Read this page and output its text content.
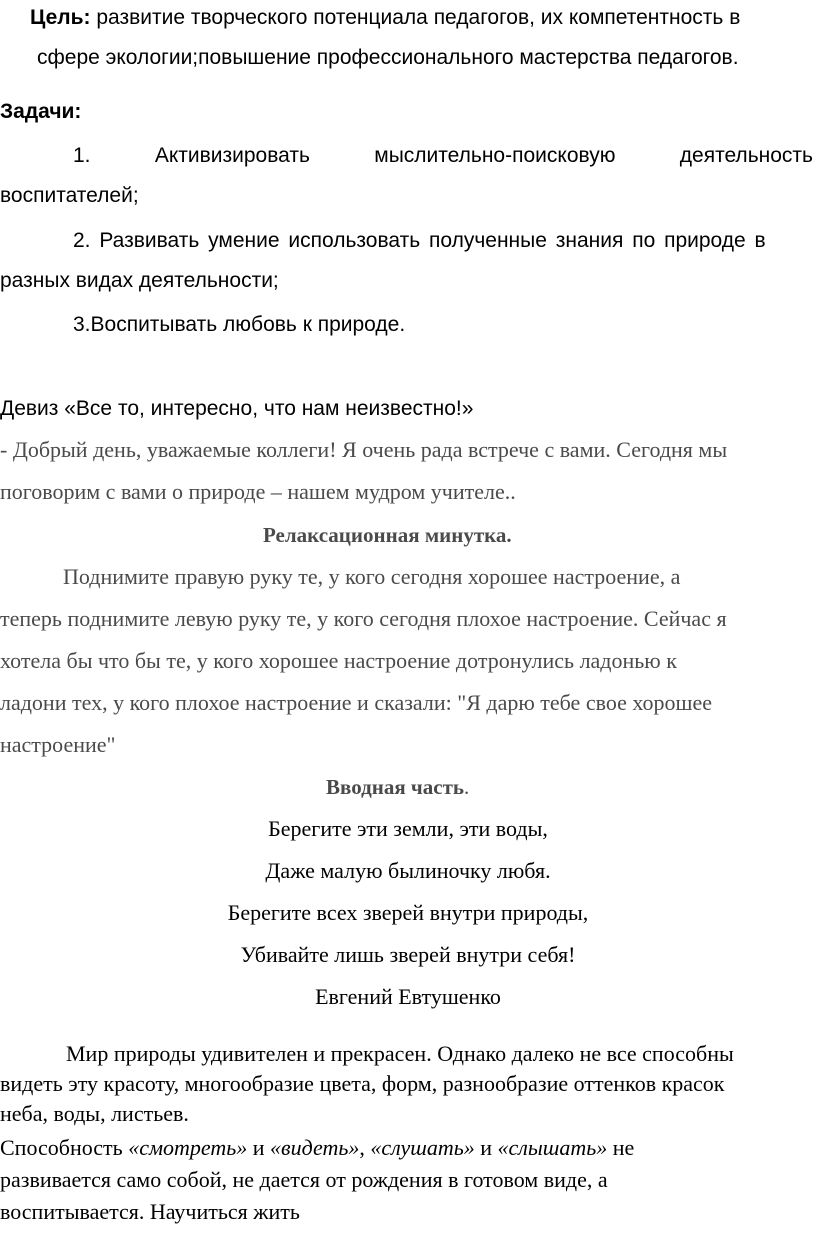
Цель: развитие творческого потенциала педагогов, их компетентность в
сфере экологии;повышение профессионального мастерства педагогов.
Задачи:
1.	Активизировать	мыслительно-поисковую	деятельность
воспитателей;
2. Развивать умение использовать полученные знания по природе в
разных видах деятельности;
3.Воспитывать любовь к природе.
Девиз «Все то, интересно, что нам неизвестно!»
- Добрый день, уважаемые коллеги! Я очень рада встрече с вами. Сегодня мы
поговорим с вами о природе – нашем мудром учителе..
Релаксационная минутка.
Поднимите правую руку те, у кого сегодня хорошее настроение, а
теперь поднимите левую руку те, у кого сегодня плохое настроение. Сейчас я
хотела бы что бы те, у кого хорошее настроение дотронулись ладонью к
ладони тех, у кого плохое настроение и сказали: "Я дарю тебе свое хорошее
настроение"
Вводная часть.
Берегите эти земли, эти воды,
Даже малую былиночку любя.
Берегите всех зверей внутри природы,
Убивайте лишь зверей внутри себя!
Евгений Евтушенко
Мир природы удивителен и прекрасен. Однако далеко не все способны
видеть эту красоту, многообразие цвета, форм, разнообразие оттенков красок
неба, воды, листьев.
Способность «смотреть» и «видеть», «слушать» и «слышать» не
развивается само собой, не дается от рождения в готовом виде, а
воспитывается. Научиться жить
